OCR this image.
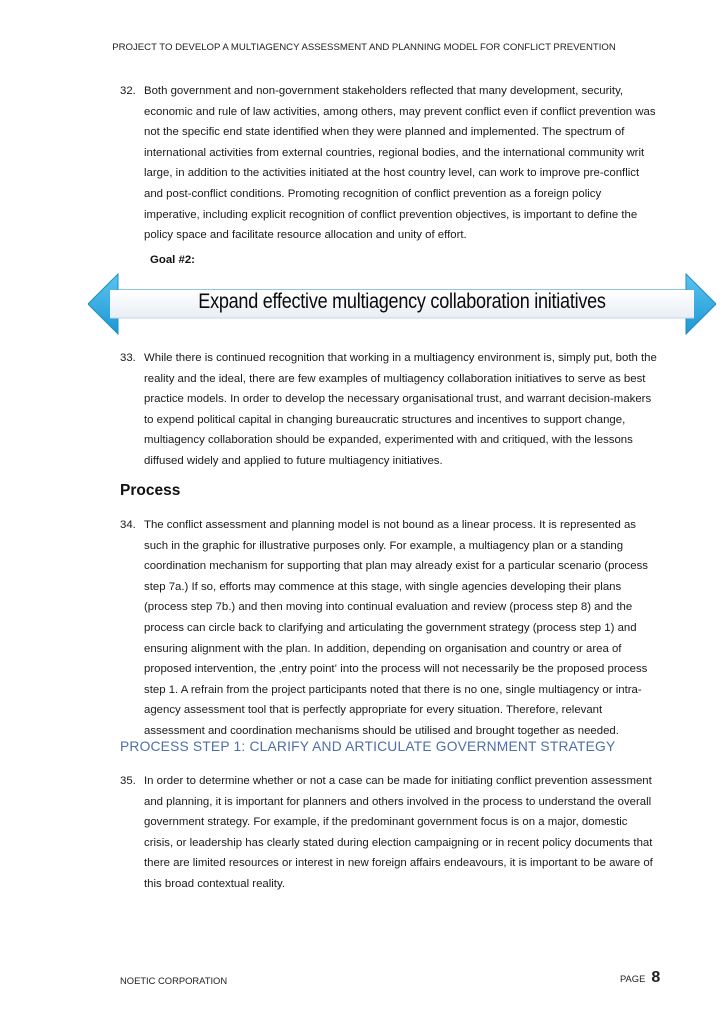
PROJECT TO DEVELOP A MULTIAGENCY ASSESSMENT AND PLANNING MODEL FOR CONFLICT PREVENTION
32. Both government and non-government stakeholders reflected that many development, security,
economic and rule of law activities, among others, may prevent conflict even if conflict prevention was
not the specific end state identified when they were planned and implemented. The spectrum of
international activities from external countries, regional bodies, and the international community writ
large, in addition to the activities initiated at the host country level, can work to improve pre-conflict
and post-conflict conditions. Promoting recognition of conflict prevention as a foreign policy
imperative, including explicit recognition of conflict prevention objectives, is important to define the
policy space and facilitate resource allocation and unity of effort.
Goal #2:
Expand effective multiagency collaboration initiatives
33. While there is continued recognition that working in a multiagency environment is, simply put, both the
reality and the ideal, there are few examples of multiagency collaboration initiatives to serve as best
practice models. In order to develop the necessary organisational trust, and warrant decision-makers
to expend political capital in changing bureaucratic structures and incentives to support change,
multiagency collaboration should be expanded, experimented with and critiqued, with the lessons
diffused widely and applied to future multiagency initiatives.
Process
34. The conflict assessment and planning model is not bound as a linear process. It is represented as
such in the graphic for illustrative purposes only. For example, a multiagency plan or a standing
coordination mechanism for supporting that plan may already exist for a particular scenario (process
step 7a.) If so, efforts may commence at this stage, with single agencies developing their plans
(process step 7b.) and then moving into continual evaluation and review (process step 8) and the
process can circle back to clarifying and articulating the government strategy (process step 1) and
ensuring alignment with the plan. In addition, depending on organisation and country or area of
proposed intervention, the ‚entry point‛ into the process will not necessarily be the proposed process
step 1. A refrain from the project participants noted that there is no one, single multiagency or intra-
agency assessment tool that is perfectly appropriate for every situation. Therefore, relevant
assessment and coordination mechanisms should be utilised and brought together as needed.
PROCESS STEP 1: CLARIFY AND ARTICULATE GOVERNMENT STRATEGY
35. In order to determine whether or not a case can be made for initiating conflict prevention assessment
and planning, it is important for planners and others involved in the process to understand the overall
government strategy. For example, if the predominant government focus is on a major, domestic
crisis, or leadership has clearly stated during election campaigning or in recent policy documents that
there are limited resources or interest in new foreign affairs endeavours, it is important to be aware of
this broad contextual reality.
NOETIC CORPORATION	PAGE 8
